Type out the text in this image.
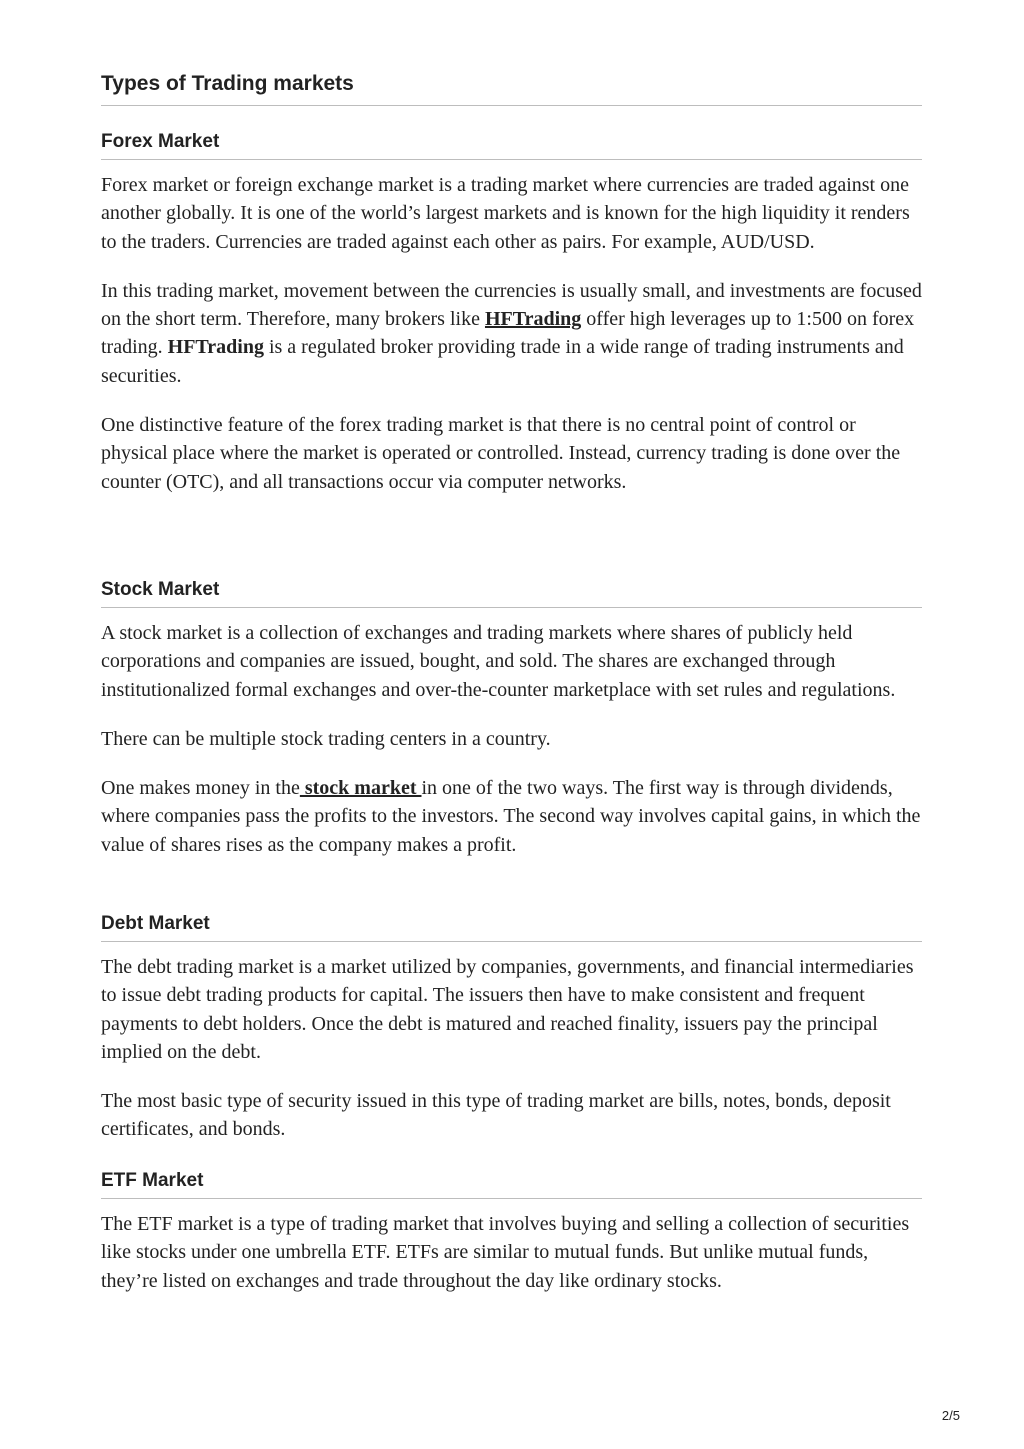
Types of Trading markets
Forex Market

Forex market or foreign exchange market is a trading market where currencies are traded against one another globally. It is one of the world’s largest markets and is known for the high liquidity it renders to the traders. Currencies are traded against each other as pairs. For example, AUD/USD.

In this trading market, movement between the currencies is usually small, and investments are focused on the short term. Therefore, many brokers like HFTrading offer high leverages up to 1:500 on forex trading. HFTrading is a regulated broker providing trade in a wide range of trading instruments and securities.

One distinctive feature of the forex trading market is that there is no central point of control or physical place where the market is operated or controlled. Instead, currency trading is done over the counter (OTC), and all transactions occur via computer networks.

Stock Market

A stock market is a collection of exchanges and trading markets where shares of publicly held corporations and companies are issued, bought, and sold. The shares are exchanged through institutionalized formal exchanges and over-the-counter marketplace with set rules and regulations.

There can be multiple stock trading centers in a country.

One makes money in the stock market in one of the two ways. The first way is through dividends, where companies pass the profits to the investors. The second way involves capital gains, in which the value of shares rises as the company makes a profit.

Debt Market

The debt trading market is a market utilized by companies, governments, and financial intermediaries to issue debt trading products for capital. The issuers then have to make consistent and frequent payments to debt holders. Once the debt is matured and reached finality, issuers pay the principal implied on the debt.

The most basic type of security issued in this type of trading market are bills, notes, bonds, deposit certificates, and bonds.

ETF Market

The ETF market is a type of trading market that involves buying and selling a collection of securities like stocks under one umbrella ETF. ETFs are similar to mutual funds. But unlike mutual funds, they’re listed on exchanges and trade throughout the day like ordinary stocks.

2/5
